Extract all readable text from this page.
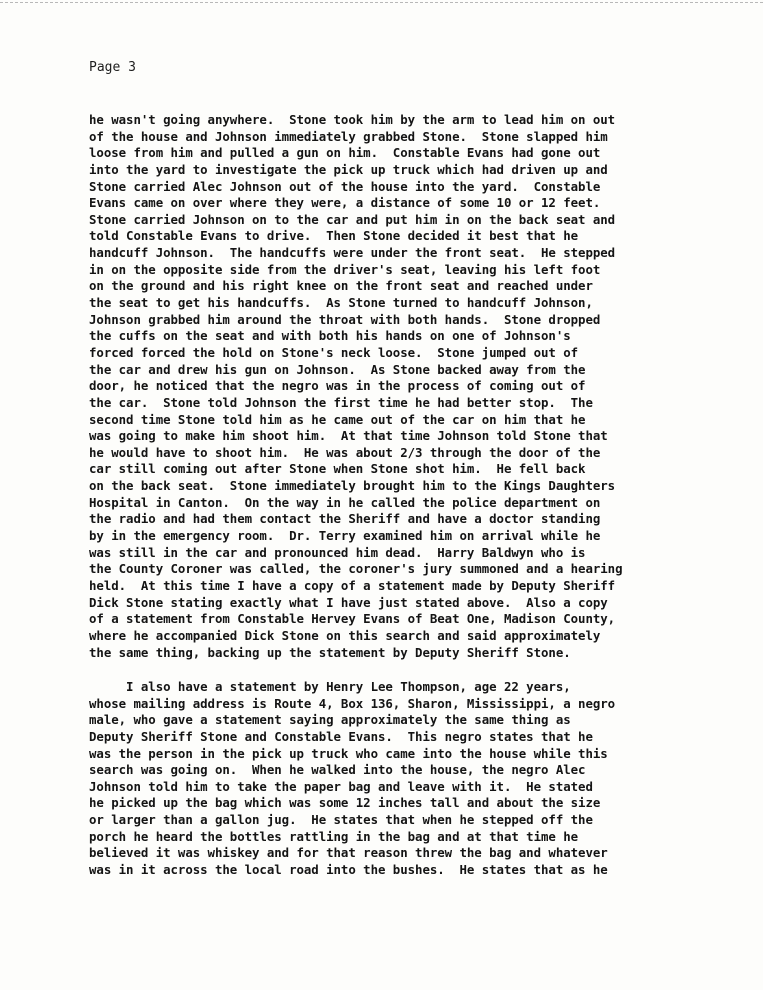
Page 3
he wasn't going anywhere.  Stone took him by the arm to lead him on out
of the house and Johnson immediately grabbed Stone.  Stone slapped him
loose from him and pulled a gun on him.  Constable Evans had gone out
into the yard to investigate the pick up truck which had driven up and
Stone carried Alec Johnson out of the house into the yard.  Constable
Evans came on over where they were, a distance of some 10 or 12 feet.
Stone carried Johnson on to the car and put him in on the back seat and
told Constable Evans to drive.  Then Stone decided it best that he
handcuff Johnson.  The handcuffs were under the front seat.  He stepped
in on the opposite side from the driver's seat, leaving his left foot
on the ground and his right knee on the front seat and reached under
the seat to get his handcuffs.  As Stone turned to handcuff Johnson,
Johnson grabbed him around the throat with both hands.  Stone dropped
the cuffs on the seat and with both his hands on one of Johnson's
forced forced the hold on Stone's neck loose.  Stone jumped out of
the car and drew his gun on Johnson.  As Stone backed away from the
door, he noticed that the negro was in the process of coming out of
the car.  Stone told Johnson the first time he had better stop.  The
second time Stone told him as he came out of the car on him that he
was going to make him shoot him.  At that time Johnson told Stone that
he would have to shoot him.  He was about 2/3 through the door of the
car still coming out after Stone when Stone shot him.  He fell back
on the back seat.  Stone immediately brought him to the Kings Daughters
Hospital in Canton.  On the way in he called the police department on
the radio and had them contact the Sheriff and have a doctor standing
by in the emergency room.  Dr. Terry examined him on arrival while he
was still in the car and pronounced him dead.  Harry Baldwyn who is
the County Coroner was called, the coroner's jury summoned and a hearing
held.  At this time I have a copy of a statement made by Deputy Sheriff
Dick Stone stating exactly what I have just stated above.  Also a copy
of a statement from Constable Hervey Evans of Beat One, Madison County,
where he accompanied Dick Stone on this search and said approximately
the same thing, backing up the statement by Deputy Sheriff Stone.
I also have a statement by Henry Lee Thompson, age 22 years,
whose mailing address is Route 4, Box 136, Sharon, Mississippi, a negro
male, who gave a statement saying approximately the same thing as
Deputy Sheriff Stone and Constable Evans.  This negro states that he
was the person in the pick up truck who came into the house while this
search was going on.  When he walked into the house, the negro Alec
Johnson told him to take the paper bag and leave with it.  He stated
he picked up the bag which was some 12 inches tall and about the size
or larger than a gallon jug.  He states that when he stepped off the
porch he heard the bottles rattling in the bag and at that time he
believed it was whiskey and for that reason threw the bag and whatever
was in it across the local road into the bushes.  He states that as he
